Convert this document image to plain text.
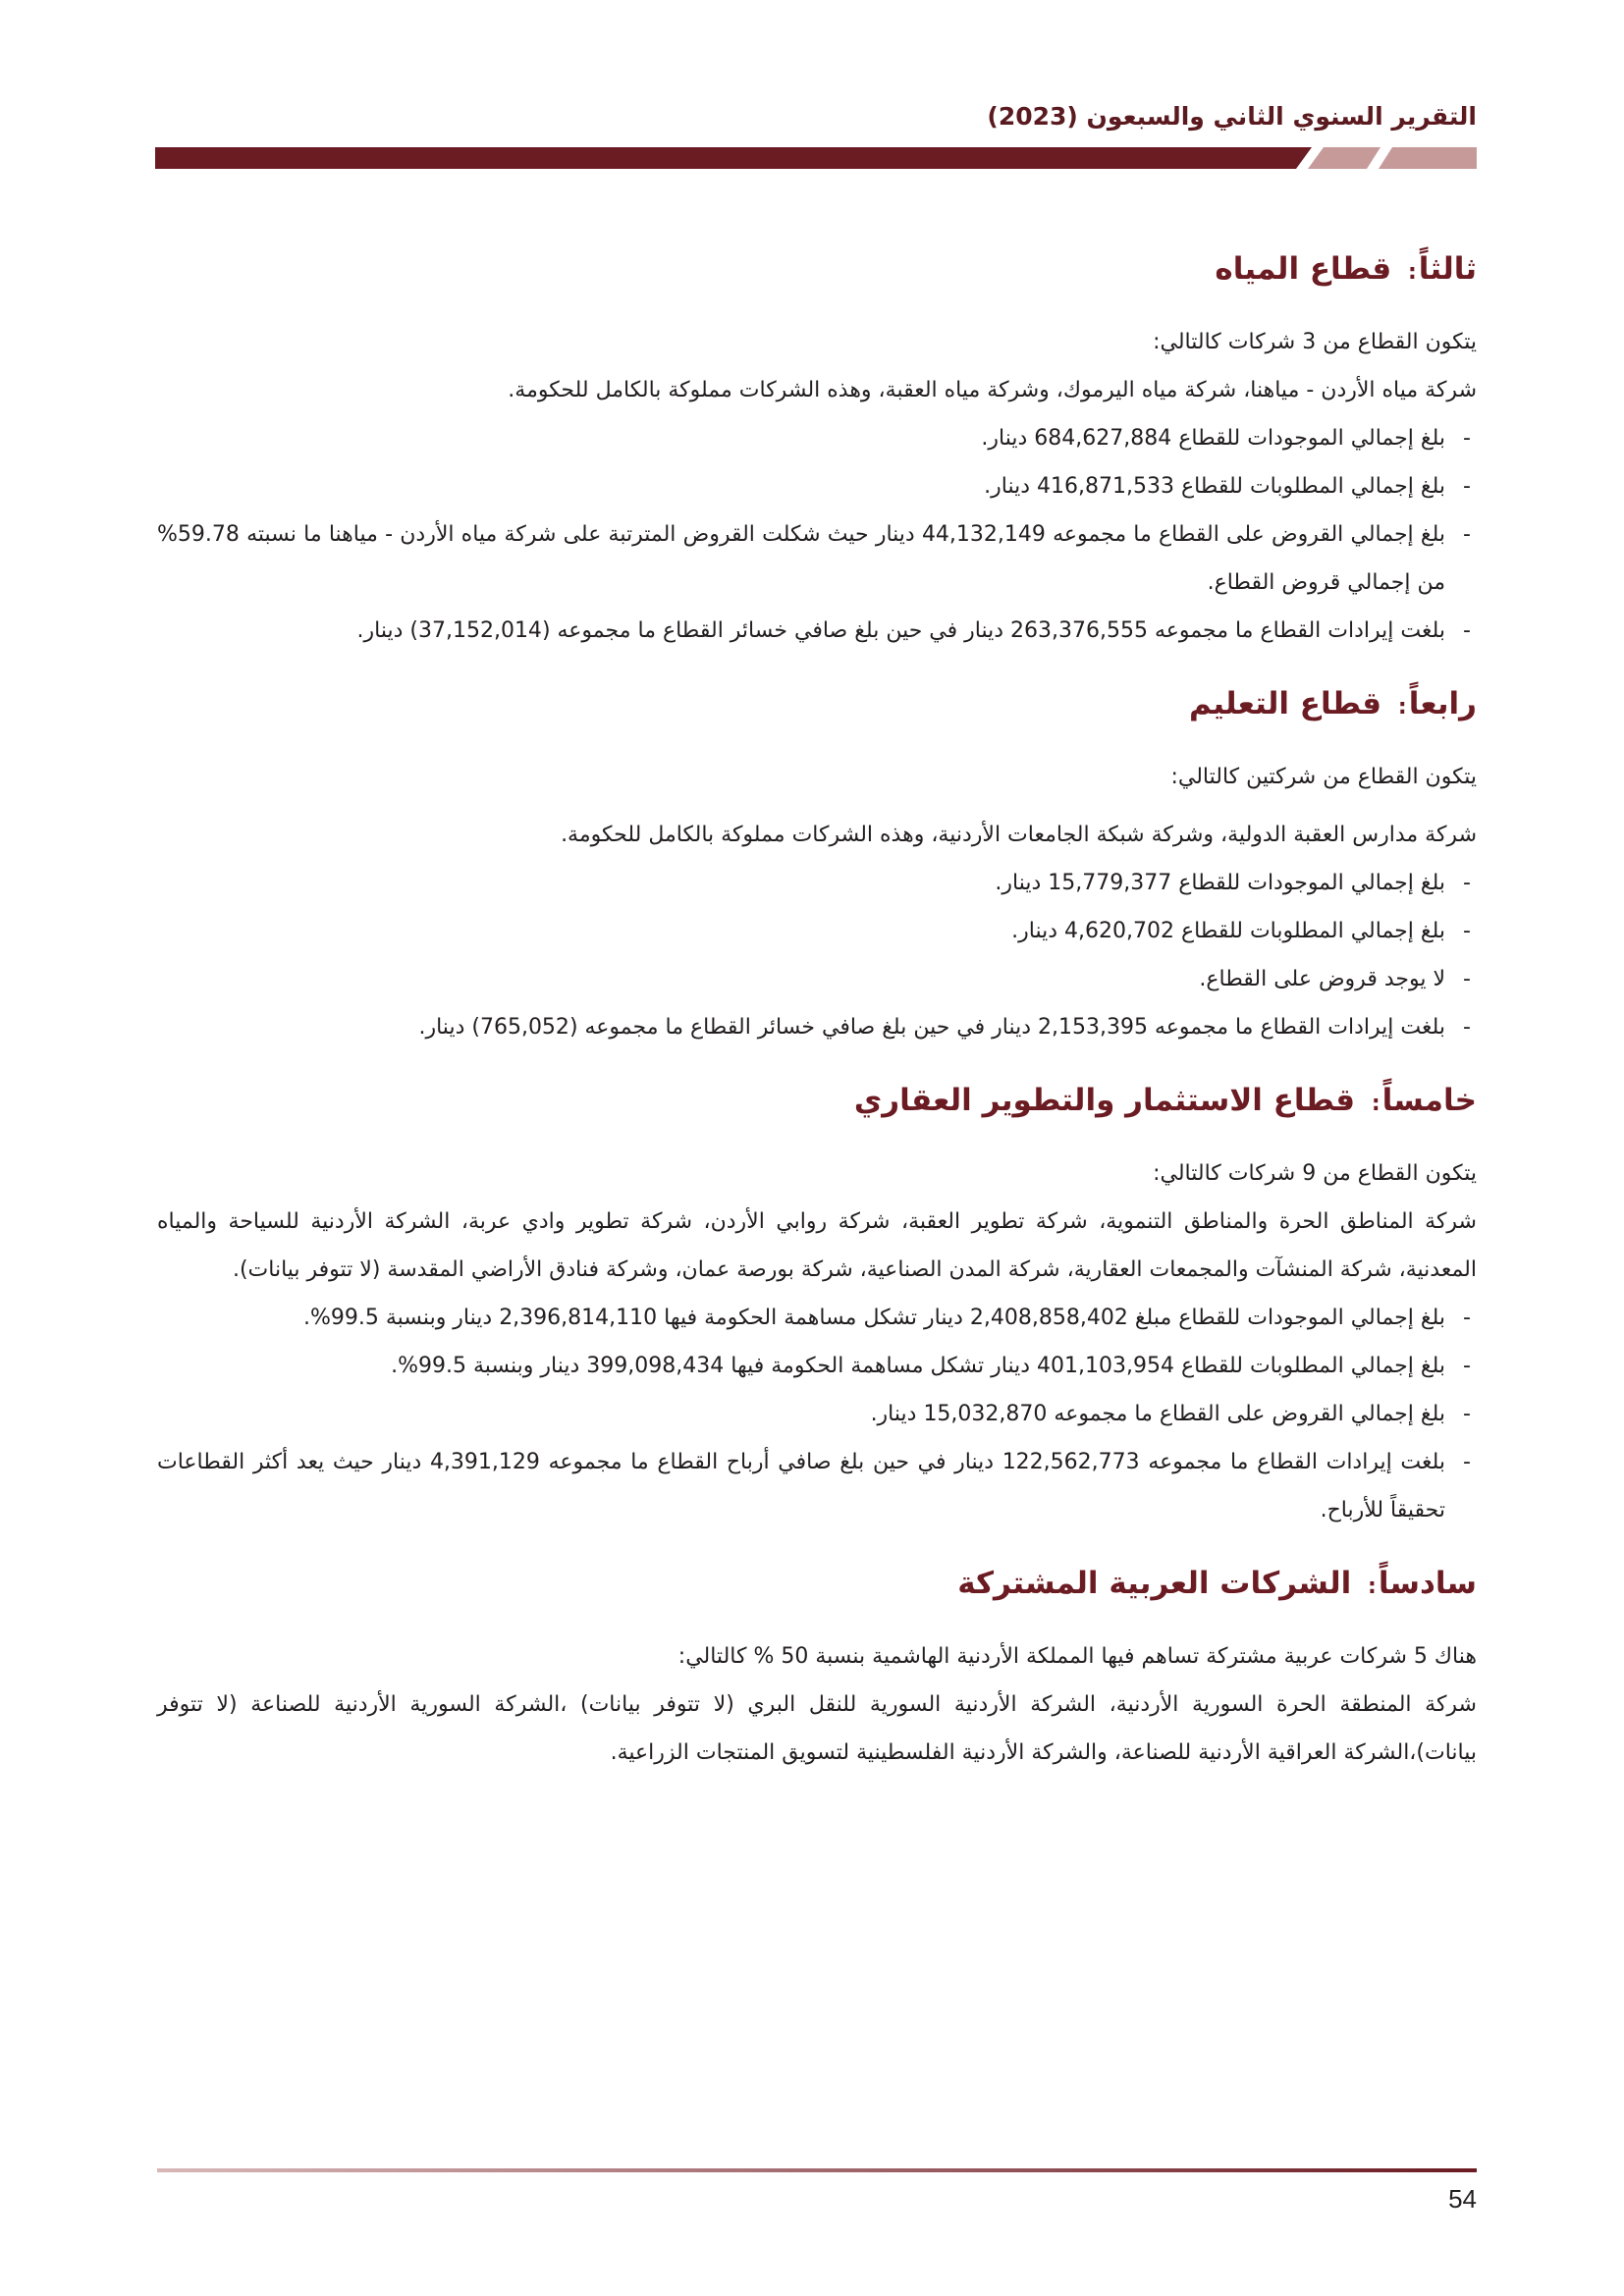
التقرير السنوي الثاني والسبعون (2023)
ثالثاً: قطاع المياه

يتكون القطاع من 3 شركات كالتالي:

شركة مياه الأردن - مياهنا، شركة مياه اليرموك، وشركة مياه العقبة، وهذه الشركات مملوكة بالكامل للحكومة.

- بلغ إجمالي الموجودات للقطاع 684,627,884 دينار.
- بلغ إجمالي المطلوبات للقطاع 416,871,533 دينار.
- بلغ إجمالي القروض على القطاع ما مجموعه 44,132,149 دينار حيث شكلت القروض المترتبة على شركة مياه الأردن - مياهنا ما نسبته 59.78% من إجمالي قروض القطاع.
- بلغت إيرادات القطاع ما مجموعه 263,376,555 دينار في حين بلغ صافي خسائر القطاع ما مجموعه (37,152,014) دينار.
رابعاً: قطاع التعليم

يتكون القطاع من شركتين كالتالي:

شركة مدارس العقبة الدولية، وشركة شبكة الجامعات الأردنية، وهذه الشركات مملوكة بالكامل للحكومة.

- بلغ إجمالي الموجودات للقطاع 15,779,377 دينار.
- بلغ إجمالي المطلوبات للقطاع 4,620,702 دينار.
- لا يوجد قروض على القطاع.
- بلغت إيرادات القطاع ما مجموعه 2,153,395 دينار في حين بلغ صافي خسائر القطاع ما مجموعه (765,052) دينار.
خامساً: قطاع الاستثمار والتطوير العقاري

يتكون القطاع من 9 شركات كالتالي:

شركة المناطق الحرة والمناطق التنموية، شركة تطوير العقبة، شركة روابي الأردن، شركة تطوير وادي عربة، الشركة الأردنية للسياحة والمياه المعدنية، شركة المنشآت والمجمعات العقارية، شركة المدن الصناعية، شركة بورصة عمان، وشركة فنادق الأراضي المقدسة (لا تتوفر بيانات).

- بلغ إجمالي الموجودات للقطاع مبلغ 2,408,858,402 دينار تشكل مساهمة الحكومة فيها 2,396,814,110 دينار وبنسبة 99.5%.
- بلغ إجمالي المطلوبات للقطاع 401,103,954 دينار تشكل مساهمة الحكومة فيها 399,098,434 دينار وبنسبة 99.5%.
- بلغ إجمالي القروض على القطاع ما مجموعه 15,032,870 دينار.
- بلغت إيرادات القطاع ما مجموعه 122,562,773 دينار في حين بلغ صافي أرباح القطاع ما مجموعه 4,391,129 دينار حيث يعد أكثر القطاعات تحقيقاً للأرباح.
سادساً: الشركات العربية المشتركة

هناك 5 شركات عربية مشتركة تساهم فيها المملكة الأردنية الهاشمية بنسبة 50 % كالتالي:

شركة المنطقة الحرة السورية الأردنية، الشركة الأردنية السورية للنقل البري (لا تتوفر بيانات) ،الشركة السورية الأردنية للصناعة (لا تتوفر بيانات)،الشركة العراقية الأردنية للصناعة، والشركة الأردنية الفلسطينية لتسويق المنتجات الزراعية.

54
